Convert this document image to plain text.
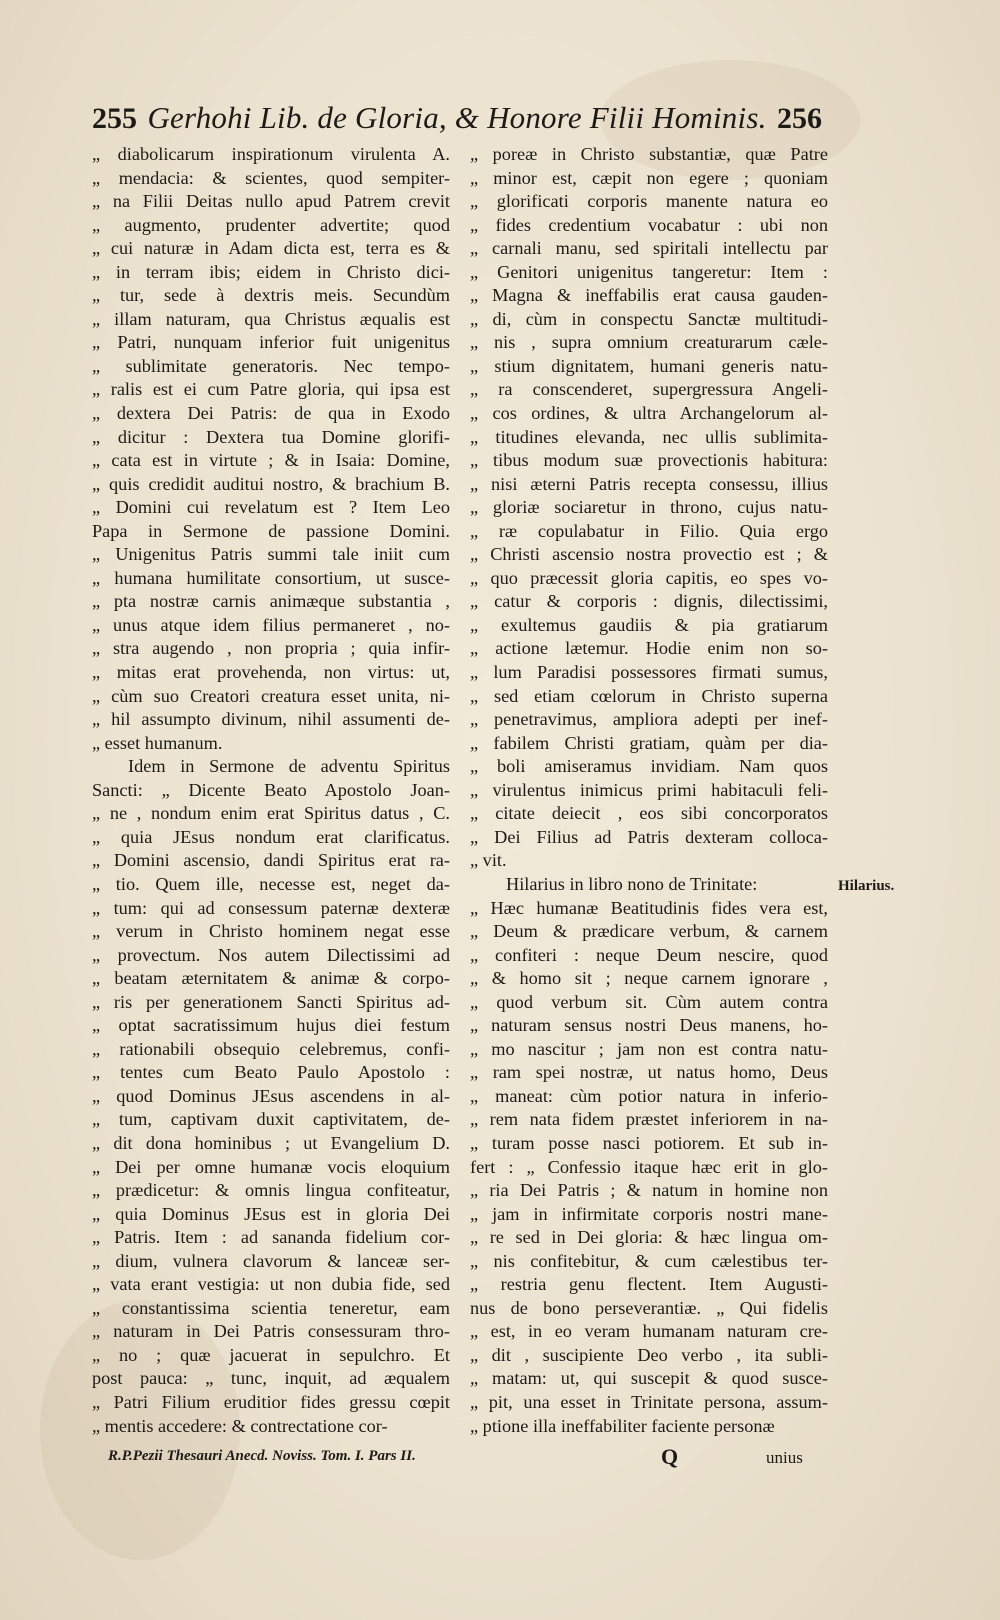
255 Gerhohi Lib. de Gloria, & Honore Filii Hominis. 256
„ diabolicarum inspirationum virulenta A.
„ mendacia: & scientes, quod sempiter-
„ na Filii Deitas nullo apud Patrem crevit
„ augmento, prudenter advertite; quod
„ cui naturæ in Adam dicta est, terra es &
„ in terram ibis; eidem in Christo dici-
„ tur, sede à dextris meis. Secundùm
„ illam naturam, qua Christus æqualis est
„ Patri, nunquam inferior fuit unigenitus
„ sublimitate generatoris. Nec tempo-
„ ralis est ei cum Patre gloria, qui ipsa est
„ dextera Dei Patris: de qua in Exodo
„ dicitur : Dextera tua Domine glorifi-
„ cata est in virtute ; & in Isaia: Domine,
„ quis credidit auditui nostro, & brachium B.
„ Domini cui revelatum est ? Item Leo
Papa in Sermone de passione Domini.
„ Unigenitus Patris summi tale iniit cum
„ humana humilitate consortium, ut susce-
„ pta nostræ carnis animæque substantia ,
„ unus atque idem filius permaneret , no-
„ stra augendo , non propria ; quia infir-
„ mitas erat provehenda, non virtus: ut,
„ cùm suo Creatori creatura esset unita, ni-
„ hil assumpto divinum, nihil assumenti de-
„ esset humanum.
Idem in Sermone de adventu Spiritus
Sancti: „ Dicente Beato Apostolo Joan-
„ ne , nondum enim erat Spiritus datus , C.
„ quia JEsus nondum erat clarificatus.
„ Domini ascensio, dandi Spiritus erat ra-
„ tio. Quem ille, necesse est, neget da-
„ tum: qui ad consessum paternæ dexteræ
„ verum in Christo hominem negat esse
„ provectum. Nos autem Dilectissimi ad
„ beatam æternitatem & animæ & corpo-
„ ris per generationem Sancti Spiritus ad-
„ optat sacratissimum hujus diei festum
„ rationabili obsequio celebremus, confi-
„ tentes cum Beato Paulo Apostolo :
„ quod Dominus JEsus ascendens in al-
„ tum, captivam duxit captivitatem, de-
„ dit dona hominibus ; ut Evangelium D.
„ Dei per omne humanæ vocis eloquium
„ prædicetur: & omnis lingua confiteatur,
„ quia Dominus JEsus est in gloria Dei
„ Patris. Item : ad sananda fidelium cor-
„ dium, vulnera clavorum & lanceæ ser-
„ vata erant vestigia: ut non dubia fide, sed
„ constantissima scientia teneretur, eam
„ naturam in Dei Patris consessuram thro-
„ no ; quæ jacuerat in sepulchro. Et
post pauca: „ tunc, inquit, ad æqualem
„ Patri Filium eruditior fides gressu cœpit
„ mentis accedere: & contrectatione cor-
„ poreæ in Christo substantiæ, quæ Patre
„ minor est, cæpit non egere ; quoniam
„ glorificati corporis manente natura eo
„ fides credentium vocabatur : ubi non
„ carnali manu, sed spiritali intellectu par
„ Genitori unigenitus tangeretur: Item :
„ Magna & ineffabilis erat causa gauden-
„ di, cùm in conspectu Sanctæ multitudi-
„ nis , supra omnium creaturarum cæle-
„ stium dignitatem, humani generis natu-
„ ra conscenderet, supergressura Angeli-
„ cos ordines, & ultra Archangelorum al-
„ titudines elevanda, nec ullis sublimita-
„ tibus modum suæ provectionis habitura:
„ nisi æterni Patris recepta consessu, illius
„ gloriæ sociaretur in throno, cujus natu-
„ ræ copulabatur in Filio. Quia ergo
„ Christi ascensio nostra provectio est ; &
„ quo præcessit gloria capitis, eo spes vo-
„ catur & corporis : dignis, dilectissimi,
„ exultemus gaudiis & pia gratiarum
„ actione lætemur. Hodie enim non so-
„ lum Paradisi possessores firmati sumus,
„ sed etiam cœlorum in Christo superna
„ penetravimus, ampliora adepti per inef-
„ fabilem Christi gratiam, quàm per dia-
„ boli amiseramus invidiam. Nam quos
„ virulentus inimicus primi habitaculi feli-
„ citate deiecit , eos sibi concorporatos
„ Dei Filius ad Patris dexteram colloca-
„ vit.
Hilarius in libro nono de Trinitate:
„ Hæc humanæ Beatitudinis fides vera est,
„ Deum & prædicare verbum, & carnem
„ confiteri : neque Deum nescire, quod
„ & homo sit ; neque carnem ignorare ,
„ quod verbum sit. Cùm autem contra
„ naturam sensus nostri Deus manens, ho-
„ mo nascitur ; jam non est contra natu-
„ ram spei nostræ, ut natus homo, Deus
„ maneat: cùm potior natura in inferio-
„ rem nata fidem præstet inferiorem in na-
„ turam posse nasci potiorem. Et sub in-
fert : „ Confessio itaque hæc erit in glo-
„ ria Dei Patris ; & natum in homine non
„ jam in infirmitate corporis nostri mane-
„ re sed in Dei gloria: & hæc lingua om-
„ nis confitebitur, & cum cælestibus ter-
„ restria genu flectent. Item Augusti-
nus de bono perseverantiæ. „ Qui fidelis
„ est, in eo veram humanam naturam cre-
„ dit , suscipiente Deo verbo , ita subli-
„ matam: ut, qui suscepit & quod susce-
„ pit, una esset in Trinitate persona, assum-
„ ptione illa ineffabiliter faciente personæ
Hilarius.
R.P.Pezii Thesauri Anecd. Noviss. Tom. I. Pars II.	Q	unius
